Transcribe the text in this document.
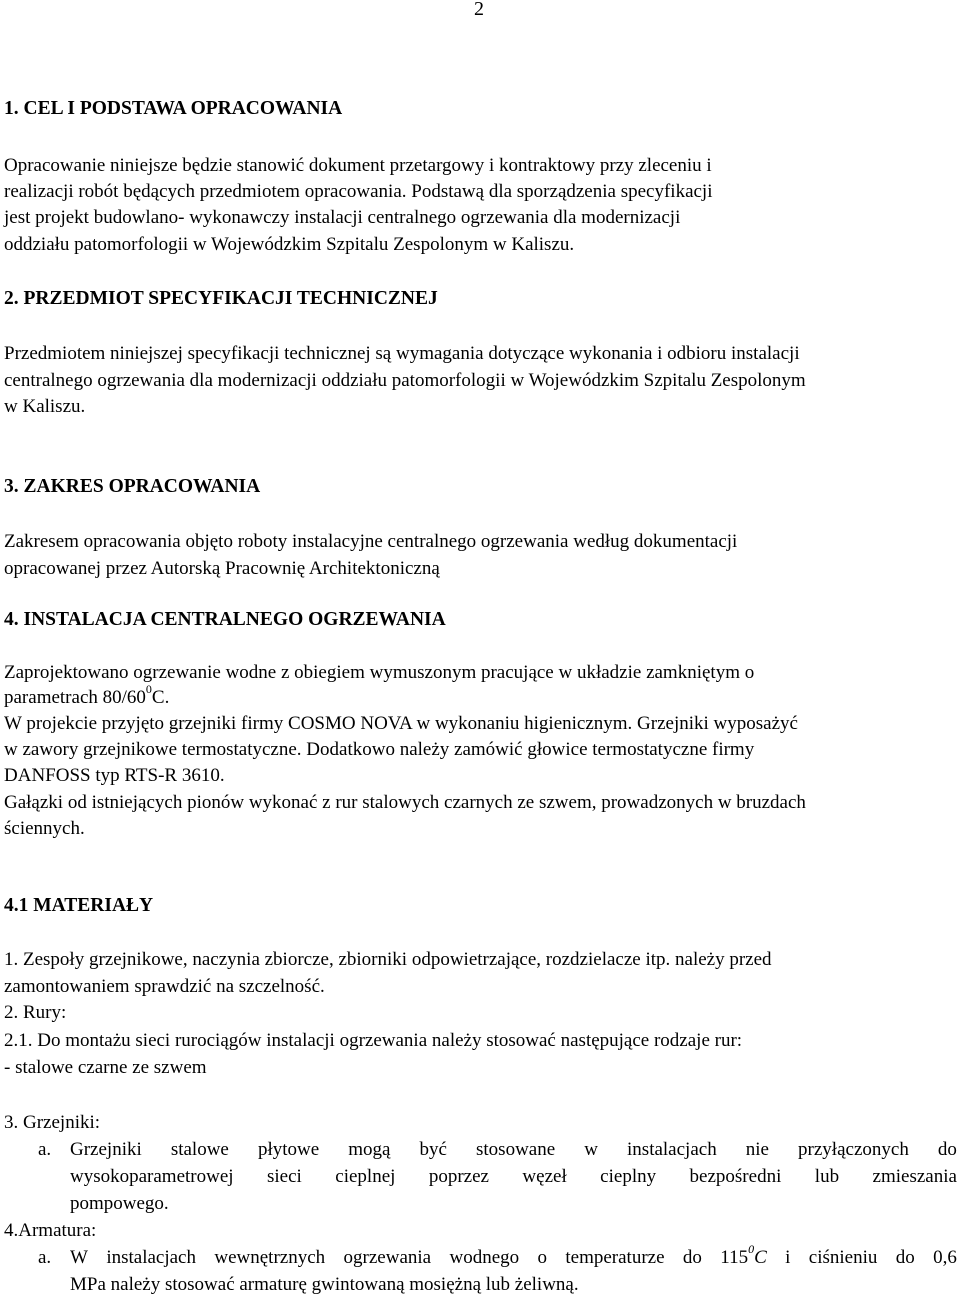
2
1. CEL I PODSTAWA OPRACOWANIA
Opracowanie niniejsze będzie stanowić dokument przetargowy i kontraktowy przy zleceniu i
realizacji robót będących przedmiotem opracowania. Podstawą dla sporządzenia specyfikacji
jest projekt budowlano- wykonawczy instalacji centralnego ogrzewania dla modernizacji
oddziału patomorfologii w Wojewódzkim Szpitalu Zespolonym w Kaliszu.
2. PRZEDMIOT SPECYFIKACJI TECHNICZNEJ
Przedmiotem niniejszej specyfikacji technicznej są wymagania dotyczące wykonania i odbioru instalacji
centralnego ogrzewania dla modernizacji oddziału patomorfologii w Wojewódzkim Szpitalu Zespolonym
w Kaliszu.
3. ZAKRES OPRACOWANIA
Zakresem opracowania objęto roboty instalacyjne centralnego ogrzewania według dokumentacji
opracowanej przez Autorską Pracownię Architektoniczną
4. INSTALACJA CENTRALNEGO OGRZEWANIA
Zaprojektowano ogrzewanie wodne z obiegiem wymuszonym pracujące w układzie zamkniętym o
parametrach $80/60^0C$.
W projekcie przyjęto grzejniki firmy COSMO NOVA w wykonaniu higienicznym. Grzejniki wyposażyć
w zawory grzejnikowe termostatyczne. Dodatkowo należy zamówić głowice termostatyczne firmy
DANFOSS typ RTS-R 3610.
Gałązki od istniejących pionów wykonać z rur stalowych czarnych ze szwem, prowadzonych w bruzdach
ściennych.
4.1 MATERIAŁY
1. Zespoły grzejnikowe, naczynia zbiorcze, zbiorniki odpowietrzające, rozdzielacze itp. należy przed
zamontowaniem sprawdzić na szczelność.
2. Rury:
2.1. Do montażu sieci rurociągów instalacji ogrzewania należy stosować następujące rodzaje rur:
- stalowe czarne ze szwem
3. Grzejniki:
a. Grzejniki stalowe płytowe mogą być stosowane w instalacjach nie przyłączonych do
wysokoparametrowej sieci cieplnej poprzez węzeł cieplny bezpośredni lub zmieszania
pompowego.
4.Armatura:
a. W instalacjach wewnętrznych ogrzewania wodnego o temperaturze do $115^0C$ i ciśnieniu do 0,6
MPa należy stosować armaturę gwintowaną mosiężną lub żeliwną.
